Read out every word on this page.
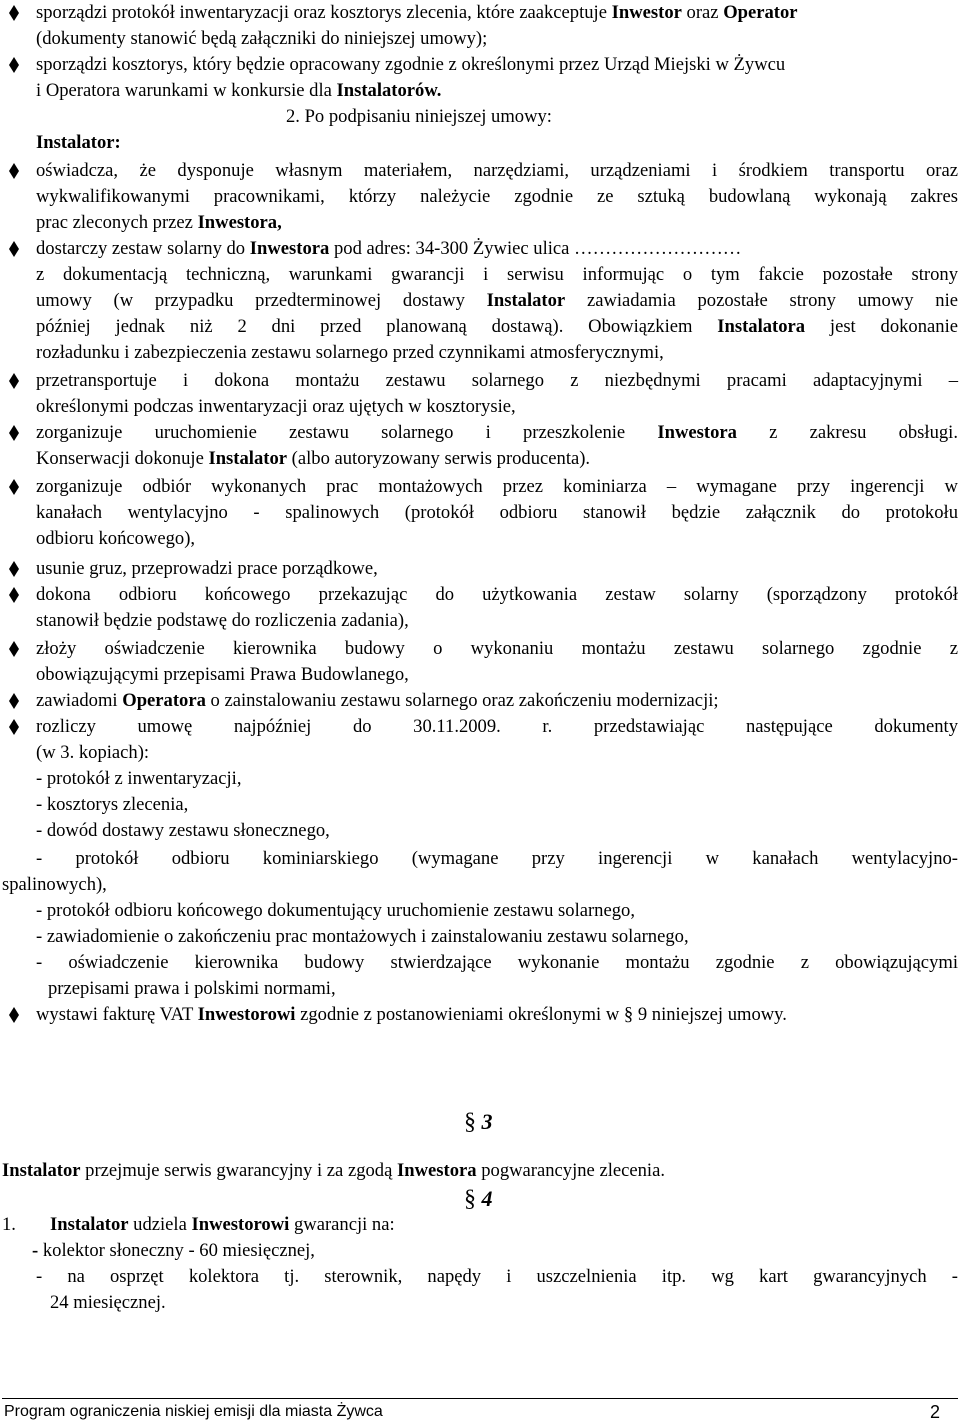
sporządzi protokół inwentaryzacji oraz kosztorys zlecenia, które zaakceptuje Inwestor oraz Operator
(dokumenty stanowić będą załączniki do niniejszej umowy);
sporządzi kosztorys, który będzie opracowany zgodnie z określonymi przez Urząd Miejski w Żywcu
i Operatora warunkami w konkursie dla Instalatorów.
2. Po podpisaniu niniejszej umowy:
Instalator:
oświadcza, że dysponuje własnym materiałem, narzędziami, urządzeniami i środkiem transportu oraz
wykwalifikowanymi pracownikami, którzy należycie zgodnie ze sztuką budowlaną wykonają zakres
prac zleconych przez Inwestora,
dostarczy zestaw solarny do Inwestora pod adres: 34-300 Żywiec ulica ………………………
z dokumentacją techniczną, warunkami gwarancji i serwisu informując o tym fakcie pozostałe strony
umowy (w przypadku przedterminowej dostawy Instalator zawiadamia pozostałe strony umowy nie
później jednak niż 2 dni przed planowaną dostawą). Obowiązkiem Instalatora jest dokonanie
rozładunku i zabezpieczenia zestawu solarnego przed czynnikami atmosferycznymi,
przetransportuje i dokona montażu zestawu solarnego z niezbędnymi pracami adaptacyjnymi –
określonymi podczas inwentaryzacji oraz ujętych w kosztorysie,
zorganizuje uruchomienie zestawu solarnego i przeszkolenie Inwestora z zakresu obsługi.
Konserwacji dokonuje Instalator (albo autoryzowany serwis producenta).
zorganizuje odbiór wykonanych prac montażowych przez kominiarza – wymagane przy ingerencji w
kanałach wentylacyjno - spalinowych (protokół odbioru stanowił będzie załącznik do protokołu
odbioru końcowego),
usunie gruz, przeprowadzi prace porządkowe,
dokona odbioru końcowego przekazując do użytkowania zestaw solarny (sporządzony protokół
stanowił będzie podstawę do rozliczenia zadania),
złoży oświadczenie kierownika budowy o wykonaniu montażu zestawu solarnego zgodnie z
obowiązującymi przepisami Prawa Budowlanego,
zawiadomi Operatora o zainstalowaniu zestawu solarnego oraz zakończeniu modernizacji;
rozliczy umowę najpóźniej do 30.11.2009. r. przedstawiając następujące dokumenty
(w 3. kopiach):
- protokół z inwentaryzacji,
- kosztorys zlecenia,
- dowód dostawy zestawu słonecznego,
- protokół odbioru kominiarskiego (wymagane przy ingerencji w kanałach wentylacyjno-
spalinowych),
- protokół odbioru końcowego dokumentujący uruchomienie zestawu solarnego,
- zawiadomienie o zakończeniu prac montażowych i zainstalowaniu zestawu solarnego,
- oświadczenie kierownika budowy stwierdzające wykonanie montażu zgodnie z obowiązującymi
przepisami prawa i polskimi normami,
wystawi fakturę VAT Inwestorowi zgodnie z postanowieniami określonymi w § 9 niniejszej umowy.
§ 3
Instalator przejmuje serwis gwarancyjny i za zgodą Inwestora pogwarancyjne zlecenia.
§ 4
1. Instalator udziela Inwestorowi gwarancji na:
- kolektor słoneczny - 60 miesięcznej,
- na osprzęt kolektora tj. sterownik, napędy i uszczelnienia itp. wg kart gwarancyjnych -
24 miesięcznej.
Program ograniczenia niskiej emisji dla miasta Żywca	2
